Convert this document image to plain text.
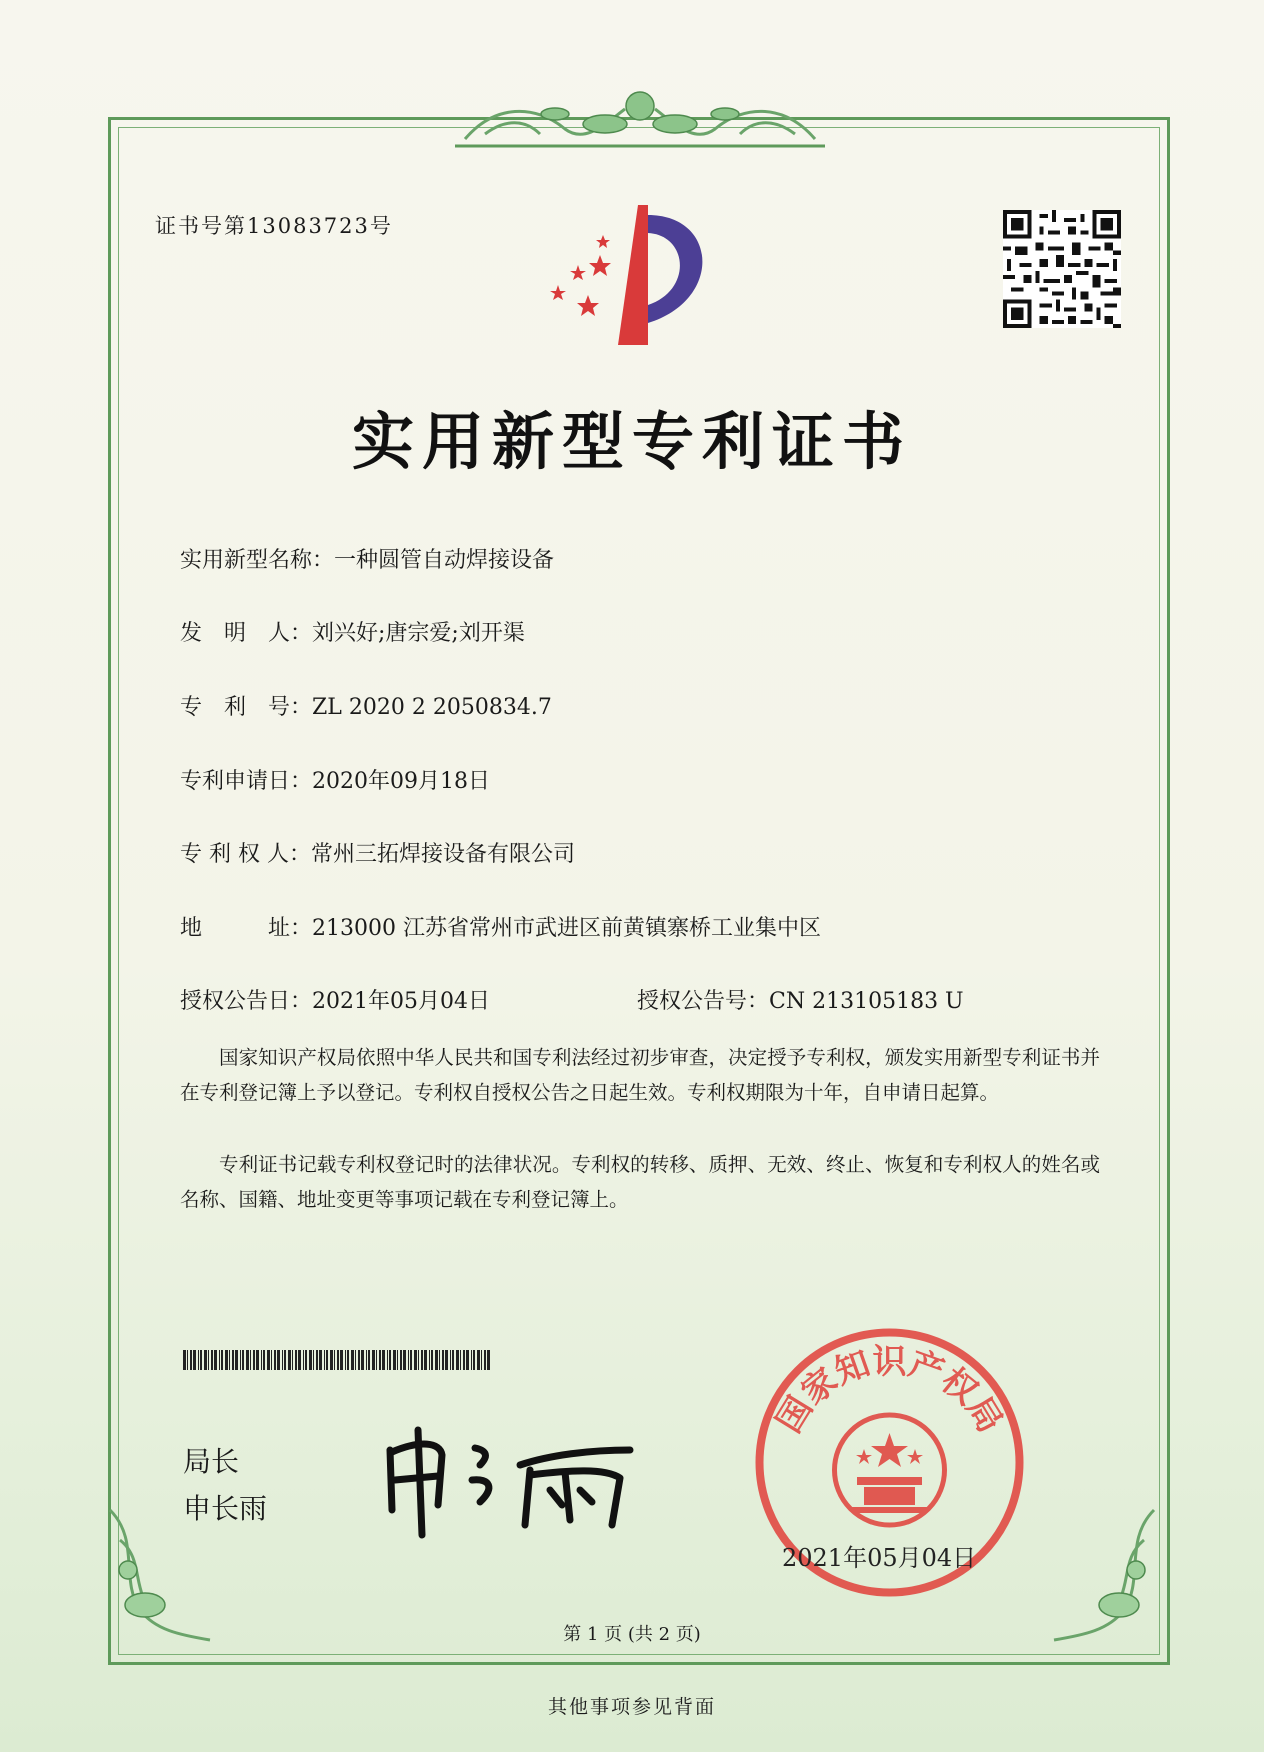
证书号第13083723号
实用新型专利证书
实用新型名称：一种圆管自动焊接设备
发　明　人：刘兴好;唐宗爱;刘开渠
专　利　号：ZL 2020 2 2050834.7
专利申请日：2020年09月18日
专 利 权 人：常州三拓焊接设备有限公司
地　　　址：213000 江苏省常州市武进区前黄镇寨桥工业集中区
授权公告日：2021年05月04日	授权公告号：CN 213105183 U
国家知识产权局依照中华人民共和国专利法经过初步审查，决定授予专利权，颁发实用新型专利证书并在专利登记簿上予以登记。专利权自授权公告之日起生效。专利权期限为十年，自申请日起算。
专利证书记载专利权登记时的法律状况。专利权的转移、质押、无效、终止、恢复和专利权人的姓名或名称、国籍、地址变更等事项记载在专利登记簿上。
局长
申长雨
国家知识产权局
2021年05月04日
第 1 页 (共 2 页)
其他事项参见背面
